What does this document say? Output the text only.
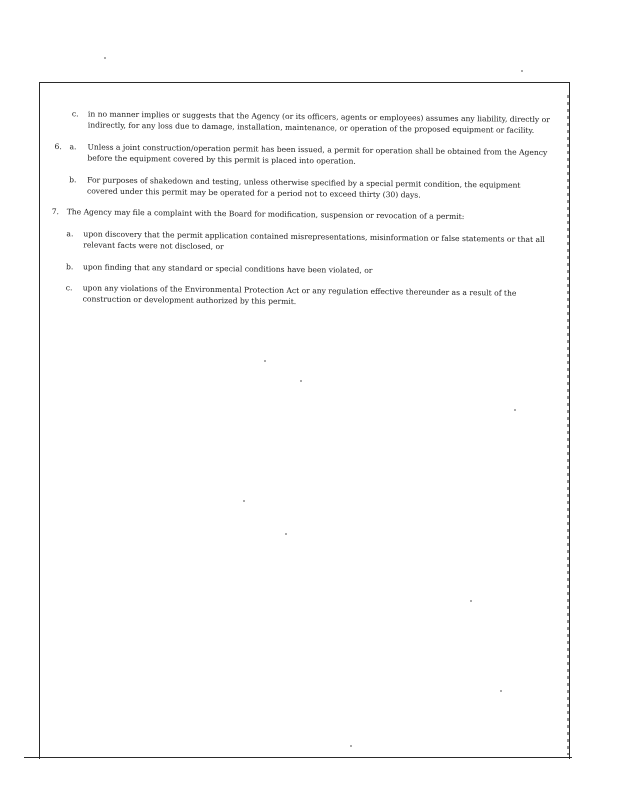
c. in no manner implies or suggests that the Agency (or its officers, agents or employees) assumes any liability, directly or indirectly, for any loss due to damage, installation, maintenance, or operation of the proposed equipment or facility.
6. a. Unless a joint construction/operation permit has been issued, a permit for operation shall be obtained from the Agency before the equipment covered by this permit is placed into operation.
b. For purposes of shakedown and testing, unless otherwise specified by a special permit condition, the equipment covered under this permit may be operated for a period not to exceed thirty (30) days.
7. The Agency may file a complaint with the Board for modification, suspension or revocation of a permit:
a. upon discovery that the permit application contained misrepresentations, misinformation or false statements or that all relevant facts were not disclosed, or
b. upon finding that any standard or special conditions have been violated, or
c. upon any violations of the Environmental Protection Act or any regulation effective thereunder as a result of the construction or development authorized by this permit.
